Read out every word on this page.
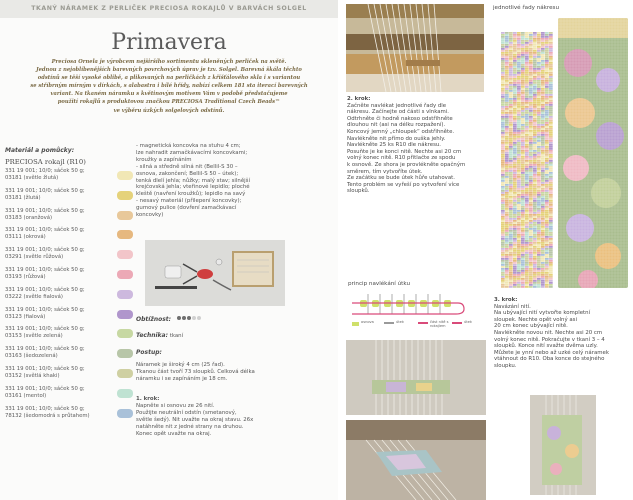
TKANÝ NÁRAMEK Z PERLIČEK PRECIOSA ROKAJLŮ V BARVÁCH SOLGEL
Primavera
Preciosa Ornela je výrobcem nejširšího sortimentu skleněných perliček na světě.
Jednou z nejoblíbenějších barevných povrchových úprav je tzv. Solgel. Barevná škála těchto
odstínů se těší vysoké oblibě, a plikovaných na perličkách z křišťálového skla i s variantou
se stříbrným mírným v dírkách, s alabastra i bílé hřídy, nabízí celkem 181 sta iterací barevných
variant. Na tkaném náramku s květinovým motivem Vám v podobě předstačujeme
použití rokajlů s produktovou značkou PRECIOSA Traditional Czech Beads™
ve výběru úzkých solgelových odstínů.
Materiál a pomůcky:
PRECIOSA rokajl (R10)
331 19 001; 10/0; sáček 50 g;
03181 (světle žlutá)
331 19 001; 10/0; sáček 50 g;
03181 (žlutá)
331 19 001; 10/0; sáček 50 g;
03183 (oranžová)
331 19 001; 10/0; sáček 50 g;
03111 (okrová)
331 19 001; 10/0; sáček 50 g;
03291 (světle růžová)
331 19 001; 10/0; sáček 50 g;
03193 (růžová)
331 19 001; 10/0; sáček 50 g;
03222 (světle fialová)
331 19 001; 10/0; sáček 50 g;
03123 (fialová)
331 19 001; 10/0; sáček 50 g;
03153 (světle zelená)
331 19 001; 10/0; sáček 50 g;
03163 (šedozelená)
331 19 001; 10/0; sáček 50 g;
03152 (světlá khaki)
331 19 001; 10/0; sáček 50 g;
03161 (mentol)
331 19 001; 10/0; sáček 50 g;
78132 (šedomodrá s průtahem)
- magnetická koncovka na stuhu 4 cm;
lze nahradit zamačkávacími koncovkami;
kroužky a zapínáním
- silná a středně silná nit (Bellil-S 30 –
osnova, zakončení; Bellil-S 50 – útek);
tenká dlelí jehla; nůžky; malý stav; silnější
krejčovská jehla; vteřinové lepidlo; ploché
kleště (navření kroužků); lepidlo na savý
- nesavý materiál (přilepení koncovky);
gumový pulice (dovření zamačkávací
koncovky)
Obtížnost:
Technika: tkaní
Postup:
Náramek je široký 4 cm (25 řad).
Tkanou část tvoří 73 sloupků. Celková délka
náramku i se zapínáním je 18 cm.
1. krok:
Napněte si osnovu ze 26 nití.
Použijte neutrální odstín (smetanový,
světle šedý). Nit uvažte na okraj stavu. 26x
natáhněte nit z jedné strany na druhou.
Konec opět uvažte na okraj.
2. krok:
Začněte navlékat jednotlivé řady dle
nákresu. Začínejte od části s vlnkami.
Odtrhněte či hodně nakoso odstřihněte
dlouhou nit (asi na délku rozpažení).
Koncový jemný „chloupek“ odstřihněte.
Navlékněte nit přímo do ouška jehly.
Navlékněte 25 ks R10 dle nákresu.
Posuňte je ke konci nitě. Nechte asi 20 cm
volný konec nitě. R10 přitlačte ze spodu
k osnově. Ze shora je provlékněte opačným
směrem, tím vytvoříte útek.
Ze začátku se bude útek hůře utahovat.
Tento problém se vyřeší po vytvoření více
sloupků.
princip navlékání útku
osnova	útek	část nitě s rokajlem
útek
jednotlivé řady nákresu
3. krok:
Navázání nití.
Na ubývající nití vytvořte kompletní
sloupek. Nechte opět volný asi
20 cm konec ubývající nitě.
Navlékněte novou nit. Nechte asi 20 cm
volný konec nitě. Pokračujte v tkaní 3 – 4
sloupků. Konce nití svažte dvěma uzly.
Můžete je ynní nebo až uzké celý náramek
vtáhnout do R10. Oba konce do stejného
sloupku.
